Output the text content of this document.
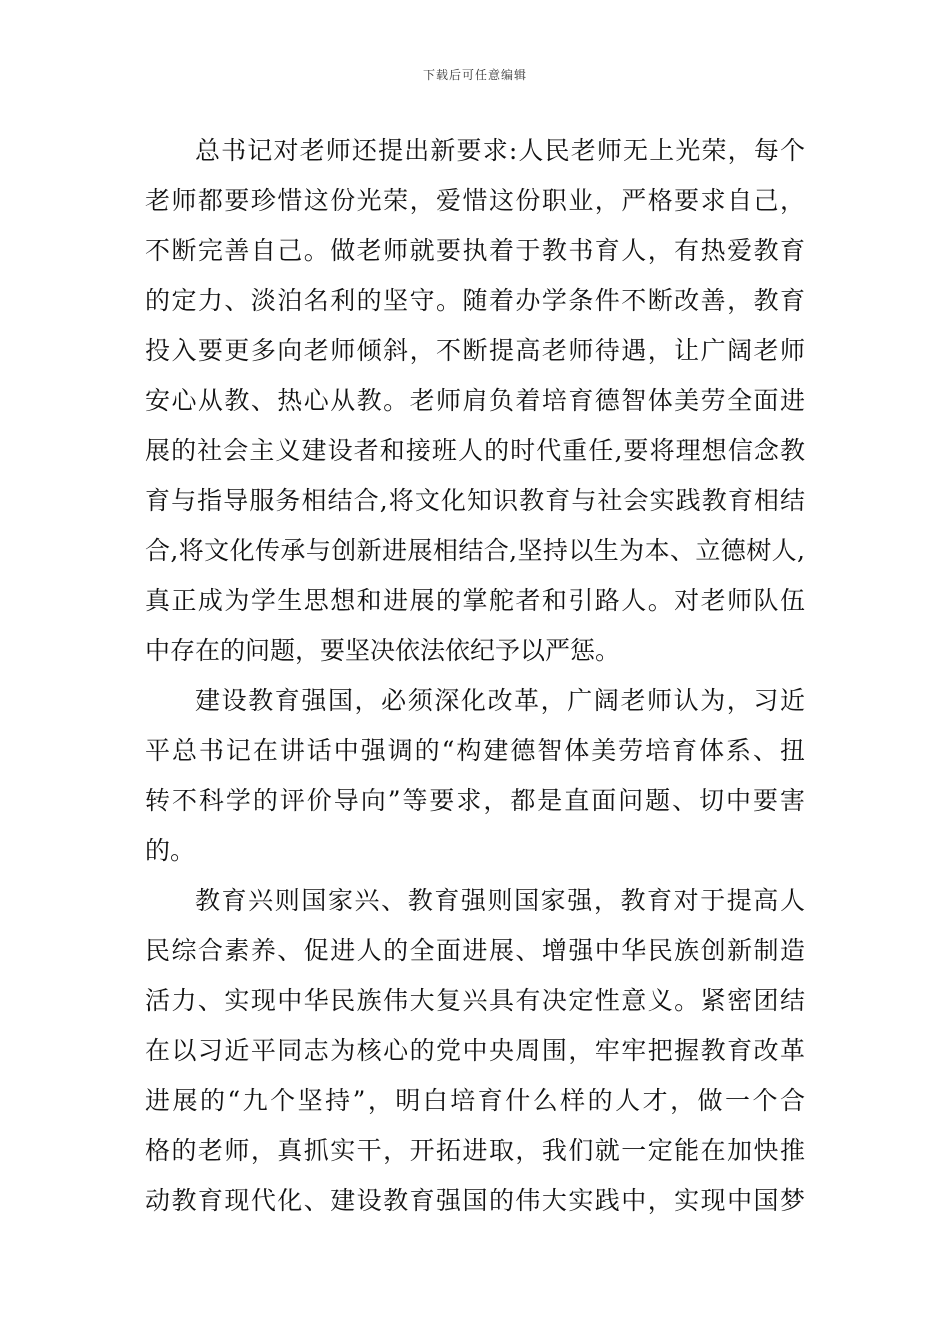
下载后可任意编辑
总书记对老师还提出新要求:人民老师无上光荣，每个
老师都要珍惜这份光荣，爱惜这份职业，严格要求自己，
不断完善自己。做老师就要执着于教书育人，有热爱教育
的定力、淡泊名利的坚守。随着办学条件不断改善，教育
投入要更多向老师倾斜，不断提高老师待遇，让广阔老师
安心从教、热心从教。老师肩负着培育德智体美劳全面进
展的社会主义建设者和接班人的时代重任,要将理想信念教
育与指导服务相结合,将文化知识教育与社会实践教育相结
合,将文化传承与创新进展相结合,坚持以生为本、立德树人,
真正成为学生思想和进展的掌舵者和引路人。对老师队伍
中存在的问题，要坚决依法依纪予以严惩。
建设教育强国，必须深化改革，广阔老师认为，习近
平总书记在讲话中强调的“构建德智体美劳培育体系、扭
转不科学的评价导向”等要求，都是直面问题、切中要害
的。
教育兴则国家兴、教育强则国家强，教育对于提高人
民综合素养、促进人的全面进展、增强中华民族创新制造
活力、实现中华民族伟大复兴具有决定性意义。紧密团结
在以习近平同志为核心的党中央周围，牢牢把握教育改革
进展的“九个坚持”，明白培育什么样的人才，做一个合
格的老师，真抓实干，开拓进取，我们就一定能在加快推
动教育现代化、建设教育强国的伟大实践中，实现中国梦
